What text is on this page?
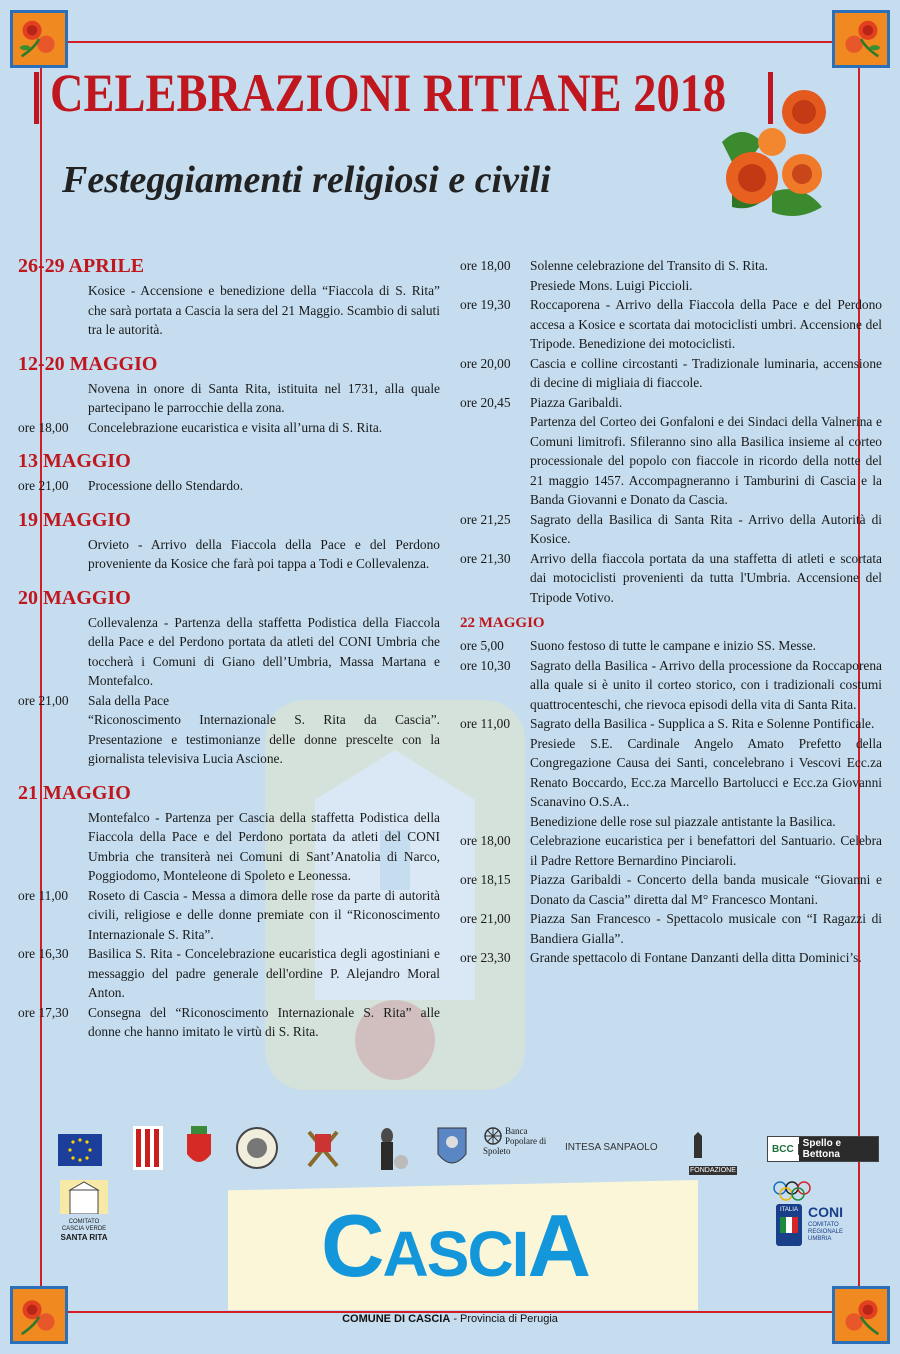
CELEBRAZIONI RITIANE 2018
Festeggiamenti religiosi e civili
26-29 APRILE
Kosice - Accensione e benedizione della “Fiaccola di S. Rita” che sarà portata a Cascia la sera del 21 Maggio. Scambio di saluti tra le autorità.
12-20 MAGGIO
Novena in onore di Santa Rita, istituita nel 1731, alla quale partecipano le parrocchie della zona.
ore 18,00	Concelebrazione eucaristica e visita all’urna di S. Rita.
13 MAGGIO
ore 21,00	Processione dello Stendardo.
19 MAGGIO
Orvieto - Arrivo della Fiaccola della Pace e del Perdono proveniente da Kosice che farà poi tappa a Todi e Collevalenza.
20 MAGGIO
Collevalenza - Partenza della staffetta Podistica della Fiaccola della Pace e del Perdono portata da atleti del CONI Umbria che toccherà i Comuni di Giano dell’Umbria, Massa Martana e Montefalco.
ore 21,00	Sala della Pace
“Riconoscimento Internazionale S. Rita da Cascia”. Presentazione e testimonianze delle donne prescelte con la giornalista televisiva Lucia Ascione.
21 MAGGIO
Montefalco - Partenza per Cascia della staffetta Podistica della Fiaccola della Pace e del Perdono portata da atleti del CONI Umbria che transiterà nei Comuni di Sant’Anatolia di Narco, Poggiodomo, Monteleone di Spoleto e Leonessa.
ore 11,00	Roseto di Cascia - Messa a dimora delle rose da parte di autorità civili, religiose e delle donne premiate con il “Riconoscimento Internazionale S. Rita”.
ore 16,30	Basilica S. Rita - Concelebrazione eucaristica degli agostiniani e messaggio del padre generale dell'ordine P. Alejandro Moral Anton.
ore 17,30	Consegna del “Riconoscimento Internazionale S. Rita” alle donne che hanno imitato le virtù di S. Rita.
ore 18,00	Solenne celebrazione del Transito di S. Rita.
Presiede Mons. Luigi Piccioli.
ore 19,30	Roccaporena - Arrivo della Fiaccola della Pace e del Perdono accesa a Kosice e scortata dai motociclisti umbri. Accensione del Tripode. Benedizione dei motociclisti.
ore 20,00	Cascia e colline circostanti - Tradizionale luminaria, accensione di decine di migliaia di fiaccole.
ore 20,45	Piazza Garibaldi.
Partenza del Corteo dei Gonfaloni e dei Sindaci della Valnerina e Comuni limitrofi. Sfileranno sino alla Basilica insieme al corteo processionale del popolo con fiaccole in ricordo della notte del 21 maggio 1457. Accompagneranno i Tamburini di Cascia e la Banda Giovanni e Donato da Cascia.
ore 21,25	Sagrato della Basilica di Santa Rita - Arrivo della Autorità di Kosice.
ore 21,30	Arrivo della fiaccola portata da una staffetta di atleti e scortata dai motociclisti provenienti da tutta l'Umbria. Accensione del Tripode Votivo.
22 MAGGIO
ore 5,00	Suono festoso di tutte le campane e inizio SS. Messe.
ore 10,30	Sagrato della Basilica - Arrivo della processione da Roccaporena alla quale si è unito il corteo storico, con i tradizionali costumi quattrocenteschi, che rievoca episodi della vita di Santa Rita.
ore 11,00	Sagrato della Basilica - Supplica a S. Rita e Solenne Pontificale.
Presiede S.E. Cardinale Angelo Amato Prefetto della Congregazione Causa dei Santi, concelebrano i Vescovi Ecc.za Renato Boccardo, Ecc.za Marcello Bartolucci e Ecc.za Giovanni Scanavino O.S.A..
Benedizione delle rose sul piazzale antistante la Basilica.
ore 18,00	Celebrazione eucaristica per i benefattori del Santuario. Celebra il Padre Rettore Bernardino Pinciaroli.
ore 18,15	Piazza Garibaldi - Concerto della banda musicale “Giovanni e Donato da Cascia” diretta dal M° Francesco Montani.
ore 21,00	Piazza San Francesco - Spettacolo musicale con “I Ragazzi di Bandiera Gialla”.
ore 23,30	Grande spettacolo di Fontane Danzanti della ditta Dominici’s.
Banca Popolare di Spoleto	INTESA SANPAOLO
FONDAZIONE
BCC Spello e Bettona
COMITATO CASCIA VERDE
SANTA RITA	CASCIA
COMUNE DI CASCIA - Provincia di Perugia
ITALIA CONI
COMITATO REGIONALE UMBRIA
